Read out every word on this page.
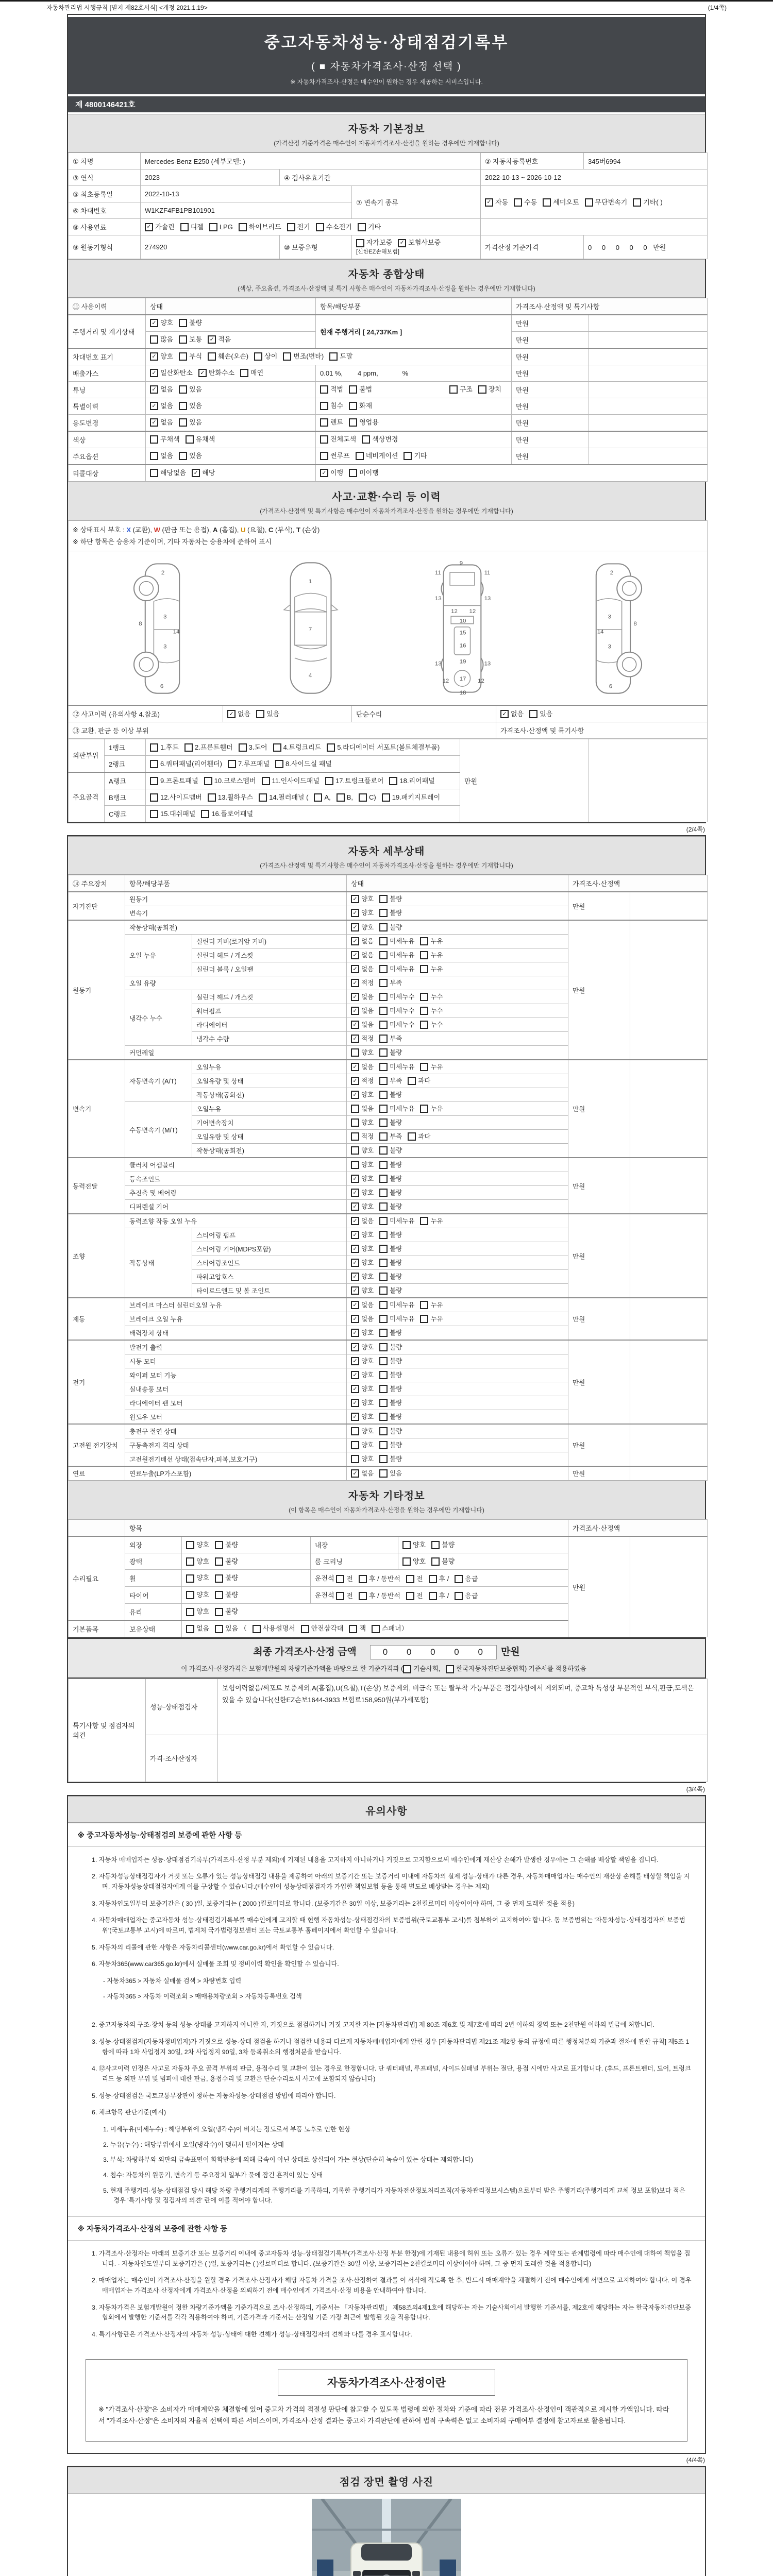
자동차관리법 시행규칙 [별지 제82호서식] <개정 2021.1.19>	(1/4쪽)
중고자동차성능·상태점검기록부
( ■ 자동차가격조사·산정 선택 )
※ 자동차가격조사·산정은 매수인이 원하는 경우 제공하는 서비스입니다.
제 4800146421호
자동차 기본정보
(가격산정 기준가격은 매수인이 자동차가격조사·산정을 원하는 경우에만 기재합니다)
① 차명	Mercedes-Benz E250 (세부모델: )			② 자동차등록번호	345버6994
③ 연식	2023	④ 검사유효기간		2022-10-13 ~ 2026-10-12	
⑤ 최초등록일	2022-10-13	⑦ 변속기 종류	✓ 자동 수동 세미오토 무단변속기 기타( )

⑥ 차대번호	W1KZF4FB1PB101901				
⑧ 사용연료	✓ 가솔린 디젤 LPG 하이브리드 전기 수소전기 기타

⑨ 원동기형식	274920	⑩ 보증유형	자가보증 ✓ 보험사보증
[신한EZ손해보험]	가격산정 기준가격	0 0 0 0 0 만원
자동차 종합상태
(색상, 주요옵션, 가격조사·산정액 및 특기 사항은 매수인이 자동차가격조사·산정을 원하는 경우에만 기재합니다)
⑪ 사용이력	상태	항목/해당부품	가격조사·산정액 및 특기사항	
주행거리 및 계기상태	✓ 양호 불량	현재 주행거리 [ 24,737Km ]	만원	

	많음 보통 ✓ 적음		만원	
차대번호 표기	✓ 양호 부식 훼손(오손) 상이 변조(변타) 도말	만원	
배출가스	✓ 일산화탄소 ✓ 탄화수소 매연	0.01 %,        4 ppm,             %	만원	
튜닝	✓ 없음 있음	적법 불법 구조 장치	만원	
특별이력	✓ 없음 있음	침수 화재	만원	
용도변경	✓ 없음 있음	렌트 영업용	만원	
색상	무채색 유채색	전체도색 색상변경	만원	
주요옵션	없음 있음	썬루프 네비게이션 기타	만원	
리콜대상	해당없음 ✓ 해당	✓ 이행 미이행		
사고·교환·수리 등 이력
(가격조사·산정액 및 특기사항은 매수인이 자동차가격조사·산정을 원하는 경우에만 기재합니다)
※ 상태표시 부호 : X (교환), W (판금 또는 용접), A (흠집), U (요철), C (부식), T (손상)
※ 하단 항목은 승용차 기준이며, 기타 자동차는 승용차에 준하여 표시			

2
8
3
14
3
6
1
7
4
9
11	11
13	13
12 12
10
15
16
13	13
19
12 17 12
18
2
8
3
14
3
6

⑫ 사고이력 (유의사항 4.참조)	✓ 없음 있음	단순수리	✓ 없음 있음

⑬ 교환, 판금 등 이상 부위			가격조사·산정액 및 특기사항
외판부위	1랭크	1.후드 2.프론트휀더 3.도어 4.트렁크리드 5.라디에이터 서포트(볼트체결부품)	만원	
	2랭크	6.쿼터패널(리어휀더) 7.루프패널 8.사이드실 패널		

주요골격	A랭크	9.프론트패널 10.크로스멤버 11.인사이드패널 17.트렁크플로어 18.리어패널		

B랭크	12.사이드멤버 13.휠하우스 14.필러패널 ( A, B, C) 19.패키지트레이

	C랭크	15.대쉬패널 16.플로어패널		
(2/4쪽)
자동차 세부상태
(가격조사·산정액 및 특기사항은 매수인이 자동차가격조사·산정을 원하는 경우에만 기재합니다)
⑭ 주요장치	항목/해당부품		상태	가격조사·산정액	
자기진단	원동기		✓ 양호 불량	만원	
	변속기		✓ 양호 불량		

원동기	작동상태(공회전)		✓ 양호 불량	만원	
	오일 누유	실린더 커버(로커암 커버)	✓ 없음 미세누유 누유		

		실린더 헤드 / 개스킷	✓ 없음 미세누유 누유		

		실린더 블록 / 오일팬	✓ 없음 미세누유 누유		

	오일 유량		✓ 적정 부족		

	냉각수 누수	실린더 헤드 / 개스킷	✓ 없음 미세누수 누수		

		워터펌프	✓ 없음 미세누수 누수		

		라디에이터	✓ 없음 미세누수 누수		

		냉각수 수량	✓ 적정 부족		

	커먼레일		양호 불량		

변속기	자동변속기 (A/T)	오일누유	✓ 없음 미세누유 누유	만원	
		오일유량 및 상태	✓ 적정 부족 과다		

		작동상태(공회전)	✓ 양호 불량		

	수동변속기 (M/T)	오일누유	없음 미세누유 누유		

		기어변속장치	양호 불량		

		오일유량 및 상태	적정 부족 과다		

		작동상태(공회전)	양호 불량		

동력전달	클러치 어셈블리		양호 불량	만원	
	등속조인트		✓ 양호 불량		

	추진축 및 베어링		✓ 양호 불량		

	디퍼렌셜 기어		✓ 양호 불량		

조향	동력조향 작동 오일 누유		✓ 없음 미세누유 누유	만원	
	작동상태	스티어링 펌프	✓ 양호 불량		

		스티어링 기어(MDPS포함)	✓ 양호 불량		

		스티어링조인트	✓ 양호 불량		

		파워고압호스	✓ 양호 불량		

		타이로드엔드 및 볼 조인트	✓ 양호 불량		

제동	브레이크 마스터 실린더오일 누유		✓ 없음 미세누유 누유	만원	
	브레이크 오일 누유		✓ 없음 미세누유 누유		

	배력장치 상태		✓ 양호 불량		

전기	발전기 출력		✓ 양호 불량	만원	
	시동 모터		✓ 양호 불량		

	와이퍼 모터 기능		✓ 양호 불량		

	실내송풍 모터		✓ 양호 불량		

	라디에이터 팬 모터		✓ 양호 불량		

	윈도우 모터		✓ 양호 불량		

고전원 전기장치	충전구 절연 상태		양호 불량	만원	
	구동축전지 격리 상태		양호 불량		

	고전원전기배선 상태(접속단자,피복,보호기구)		양호 불량		

연료	연료누출(LP가스포함)		✓ 없음 있음	만원	
자동차 기타정보
(이 항목은 매수인이 자동차가격조사·산정을 원하는 경우에만 기재합니다)
	항목				가격조사·산정액	
수리필요	외장	양호 불량	내장	양호 불량	만원	
	광택	양호 불량	룸 크리닝	양호 불량		

휠	양호 불량	운전석 전 후 / 동반석 전 후 / 응급

타이어	양호 불량	운전석 전 후 / 동반석 전 후 / 응급

	유리	양호 불량				

기본품목	보유상태	없음 있음 （ 사용설명서 안전삼각대 잭 스패너）
최종 가격조사·산정 금액	0 0 0 0 0 만원
이 가격조사·산정가격은 보험개발원의 차량기준가액을 바탕으로 한 기준가격과 ( 기술사회, 한국자동차진단보증협회) 기준서를 적용하였음
특기사항 및 점검자의 의견	성능·상태점검자	보험이력없음/써포트 보증제외,A(흠집),U(요철),T(손상) 보증제외, 비금속 또는 탈부착 가능부품은 점검사항에서 제외되며, 중고차 특성상 부분적인 부식,판금,도색은 있을 수 있습니다(신한EZ손보1644-3933 보험료158,950원(부가세포함)
	가격·조사산정자	
(3/4쪽)
유의사항
※ 중고자동차성능·상태점검의 보증에 관한 사항 등

1. 자동차 매매업자는 성능·상태점검기록부(가격조사·산정 부분 제외)에 기재된 내용을 고지하지 아니하거나 거짓으로 고지함으로써 매수인에게 재산상 손해가 발생한 경우에는 그 손해를 배상할 책임을 집니다.

2. 자동차성능상태점검자가 거짓 또는 오류가 있는 성능상태점검 내용을 제공하여 아래의 보증기간 또는 보증거리 이내에 자동차의 실제 성능·상태가 다른 경우, 자동차매매업자는 매수인의 재산상 손해를 배상할 책임을 지며, 자동차성능상태점검자에게 이를 구상할 수 있습니다.(매수인이 성능상태점검자가 가입한 책임보험 등을 통해 별도로 배상받는 경우는 제외)

3. 자동차인도일부터 보증기간은 ( 30 )일, 보증거리는 ( 2000 )킬로미터로 합니다. (보증기간은 30일 이상, 보증거리는 2천킬로미터 이상이어야 하며, 그 중 먼저 도래한 것을 적용)

4. 자동차매매업자는 중고자동차 성능·상태점검기록부를 매수인에게 고지할 때 현행 자동차성능·상태점검자의 보증범위(국토교통부 고시)를 첨부하여 고지하여야 합니다. 동 보증범위는 '자동차성능·상태점검자의 보증범위'(국토교통부 고시)에 따르며, 법제처 국가법령정보센터 또는 국토교통부 홈페이지에서 확인할 수 있습니다.

5. 자동차의 리콜에 관한 사항은 자동차리콜센터(www.car.go.kr)에서 확인할 수 있습니다.

6. 자동차365(www.car365.go.kr)에서 실매물 조회 및 정비이력 확인을 확인할 수 있습니다.

- 자동차365 > 자동차 실매물 검색 > 차량번호 입력

- 자동차365 > 자동차 이력조회 > 매매용차량조회 > 자동차등록번호 검색

2. 중고자동차의 구조·장치 등의 성능·상태를 고지하지 아니한 자, 거짓으로 점검하거나 거짓 고지한 자는 [자동차관리법] 제 80조 제6호 및 제7호에 따라 2년 이하의 징역 또는 2천만원 이하의 벌금에 처합니다.

3. 성능·상태점검자(자동차정비업자)가 거짓으로 성능·상태 점검을 하거나 점검한 내용과 다르게 자동차매매업자에게 알린 경우 [자동차관리법 제21조 제2항 등의 규정에 따른 행정처분의 기준과 절차에 관한 규칙] 제5조 1항에 따라 1차 사업정지 30일, 2차 사업정지 90일, 3차 등록취소의 행정처분을 받습니다.

4. ⑫사고이력 인정은 사고로 자동차 주요 골격 부위의 판금, 용접수리 및 교환이 있는 경우로 한정합니다. 단 쿼터패널, 루프패널, 사이드실패널 부위는 절단, 용접 시에만 사고로 표기합니다. (후드, 프론트펜더, 도어, 트렁크리드 등 외판 부위 및 범퍼에 대한 판금, 용접수리 및 교환은 단순수리로서 사고에 포함되지 않습니다)

5. 성능·상태점검은 국토교통부장관이 정하는 자동차성능·상태점검 방법에 따라야 합니다.

6. 체크항목 판단기준(예시)

1. 미세누유(미세누수) : 해당부위에 오일(냉각수)이 비치는 정도로서 부품 노후로 인한 현상

2. 누유(누수) : 해당부위에서 오일(냉각수)이 맺혀서 떨어지는 상태

3. 부식: 차량하부와 외판의 금속표면이 화학반응에 의해 금속이 아닌 상태로 상실되어 가는 현상(단순히 녹슬어 있는 상태는 제외합니다)

4. 침수: 자동차의 원동기, 변속기 등 주요장치 일부가 물에 잠긴 흔적이 있는 상태

5. 현재 주행거리·성능·상태점검 당시 해당 차량 주행거리계의 주행거리를 기록하되, 기록한 주행거리가 자동차전산정보처리조직(자동차관리정보시스템)으로부터 받은 주행거리(주행거리계 교체 정보 포함)보다 적은 경우 '특기사항 및 점검자의 의견' 란에 이를 적어야 합니다.

※ 자동차가격조사·산정의 보증에 관한 사항 등

1. 가격조사·산정자는 아래의 보증기간 또는 보증거리 이내에 중고자동차 성능·상태점검기록부(가격조사·산정 부분 한정)에 기재된 내용에 허위 또는 오류가 있는 경우 계약 또는 관계법령에 따라 매수인에 대하여 책임을 집니다. · 자동차인도일부터 보증기간은 ( )일, 보증거리는 ( )킬로미터로 합니다. (보증기간은 30일 이상, 보증거리는 2천킬로미터 이상이어야 하며, 그 중 먼저 도래한 것을 적용합니다)

2. 매매업자는 매수인이 가격조사·산정을 원할 경우 가격조사·산정자가 해당 자동차 가격을 조사·산정하여 결과를 이 서식에 적도록 한 후, 반드시 매매계약을 체결하기 전에 매수인에게 서면으로 고지하여야 합니다. 이 경우 매매업자는 가격조사·산정자에게 가격조사·산정을 의뢰하기 전에 매수인에게 가격조사·산정 비용을 안내하여야 합니다.

3. 자동차가격은 보험개발원이 정한 차량기준가액을 기준가격으로 조사·산정하되, 기준서는 「자동차관리법」 제58조의4제1호에 해당하는 자는 기술사회에서 발행한 기준서를, 제2호에 해당하는 자는 한국자동차진단보증협회에서 발행한 기준서를 각각 적용하여야 하며, 기준가격과 기준서는 산정일 기준 가장 최근에 발행된 것을 적용합니다.

4. 특기사항란은 가격조사·산정자의 자동차 성능·상태에 대한 견해가 성능·상태점검자의 견해와 다를 경우 표시합니다.

자동차가격조사·산정이란

※ "가격조사·산정"은 소비자가 매매계약을 체결함에 있어 중고차 가격의 적절성 판단에 참고할 수 있도록 법령에 의한 절차와 기준에 따라 전문 가격조사·산정인이 객관적으로 제시한 가액입니다. 따라서 "가격조사·산정"은 소비자의 자율적 선택에 따른 서비스이며, 가격조사·산정 결과는 중고차 가격판단에 관하여 법적 구속력은 없고 소비자의 구매여부 결정에 참고자료로 활용됩니다.

(4/4쪽)
점검 장면 촬영 사진
